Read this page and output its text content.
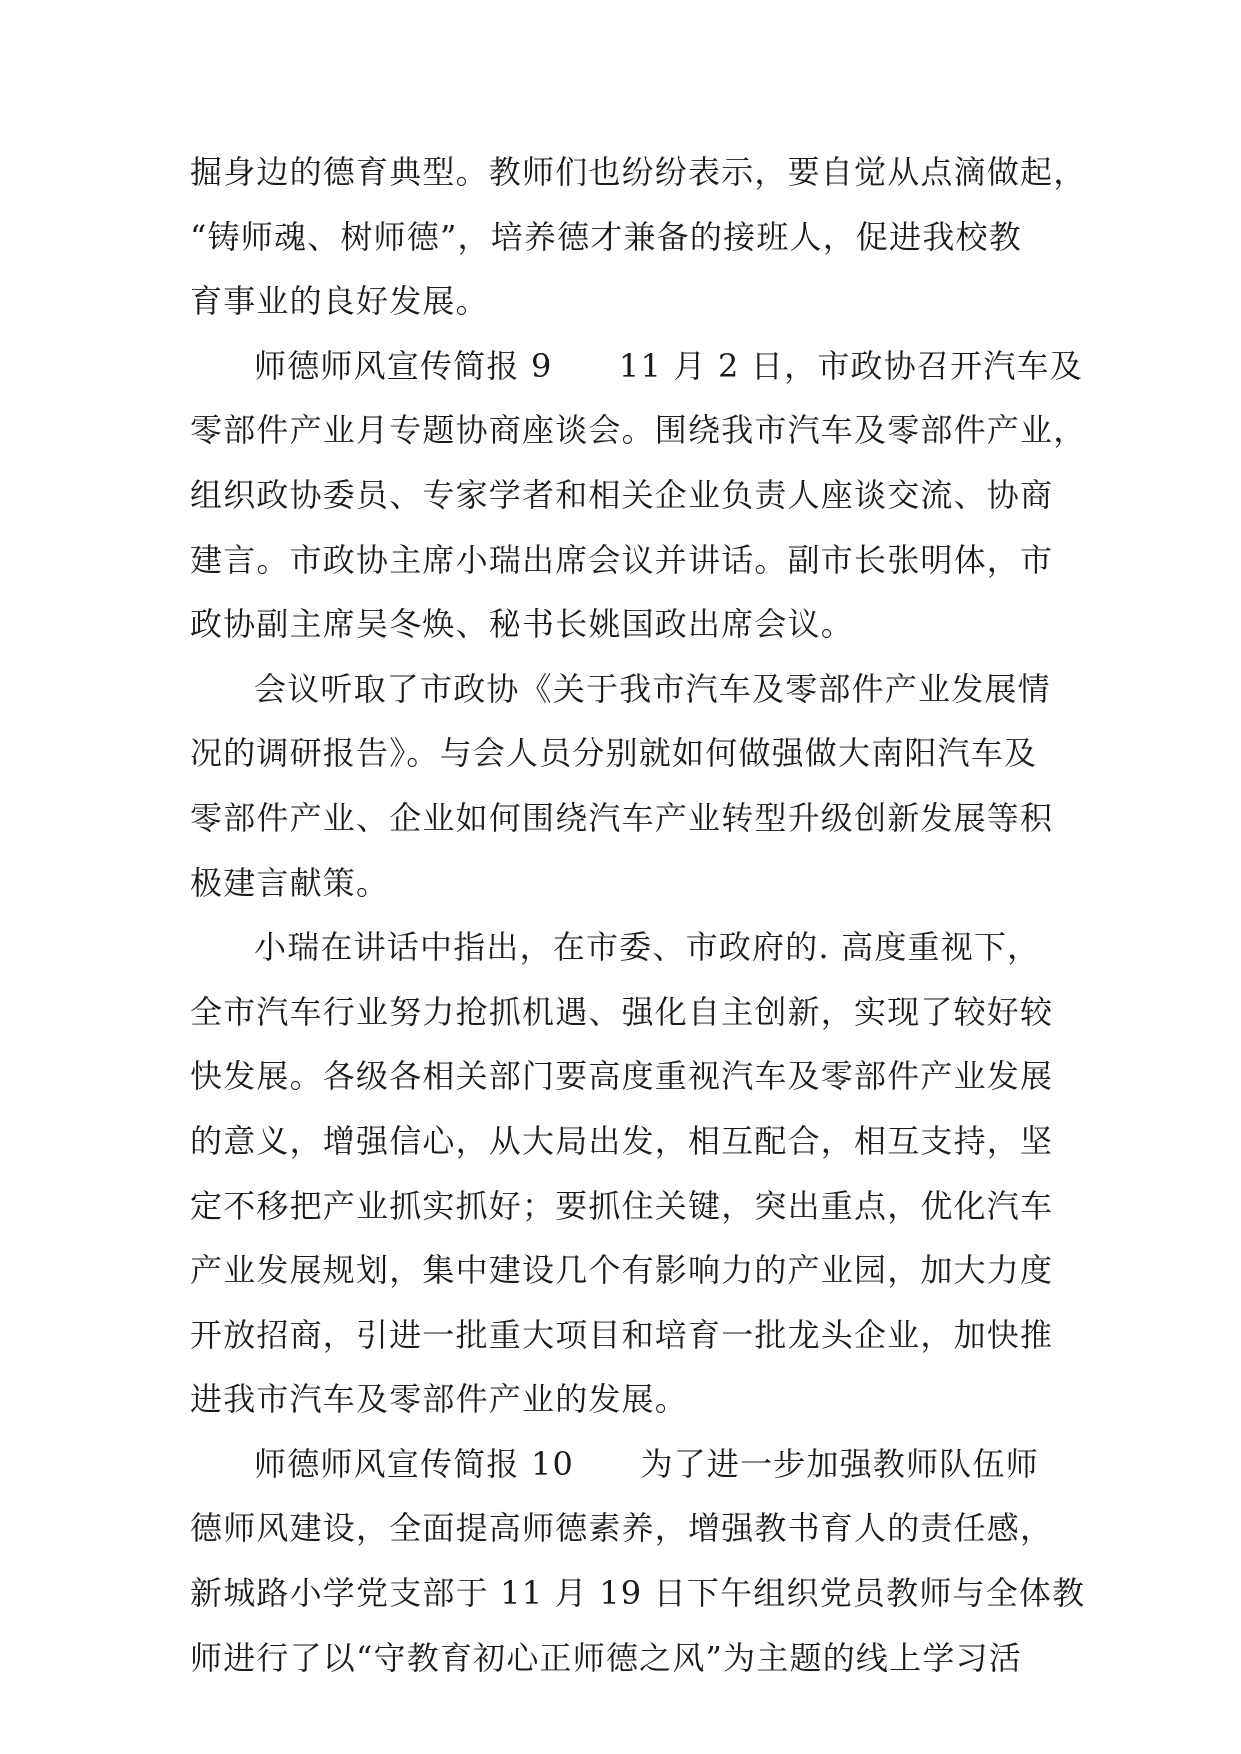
掘身边的德育典型。教师们也纷纷表示，要自觉从点滴做起，
“铸师魂、树师德”，培养德才兼备的接班人，促进我校教
育事业的良好发展。
师德师风宣传简报 9　　11 月 2 日，市政协召开汽车及
零部件产业月专题协商座谈会。围绕我市汽车及零部件产业，
组织政协委员、专家学者和相关企业负责人座谈交流、协商
建言。市政协主席小瑞出席会议并讲话。副市长张明体，市
政协副主席吴冬焕、秘书长姚国政出席会议。
会议听取了市政协《关于我市汽车及零部件产业发展情
况的调研报告》。与会人员分别就如何做强做大南阳汽车及
零部件产业、企业如何围绕汽车产业转型升级创新发展等积
极建言献策。
小瑞在讲话中指出，在市委、市政府的. 高度重视下，
全市汽车行业努力抢抓机遇、强化自主创新，实现了较好较
快发展。各级各相关部门要高度重视汽车及零部件产业发展
的意义，增强信心，从大局出发，相互配合，相互支持，坚
定不移把产业抓实抓好；要抓住关键，突出重点，优化汽车
产业发展规划，集中建设几个有影响力的产业园，加大力度
开放招商，引进一批重大项目和培育一批龙头企业，加快推
进我市汽车及零部件产业的发展。
师德师风宣传简报 10　　为了进一步加强教师队伍师
德师风建设，全面提高师德素养，增强教书育人的责任感，
新城路小学党支部于 11 月 19 日下午组织党员教师与全体教
师进行了以“守教育初心正师德之风”为主题的线上学习活
